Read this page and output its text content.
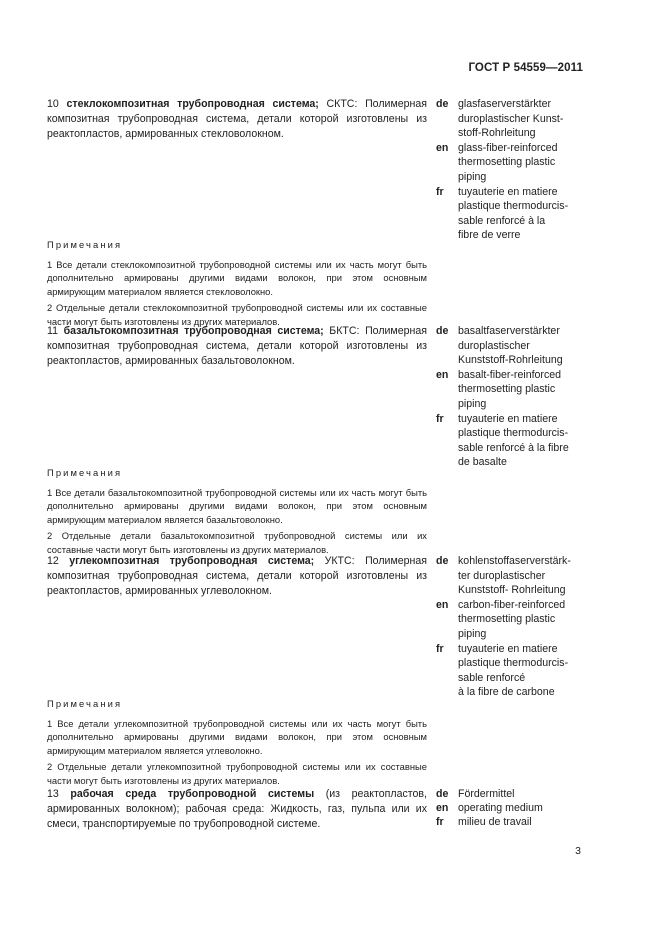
ГОСТ Р 54559—2011
10 стеклокомпозитная трубопроводная система; СКТС: Полимерная композитная трубопроводная система, детали которой изготовлены из реактопластов, армированных стекловолокном.
de glasfaserverstärkter
duroplastischer Kunst-
stoff-Rohrleitung
en glass-fiber-reinforced
thermosetting plastic
piping
fr tuyauterie en matiere
plastique thermodurcis-
sable renforcé à la
fibre de verre
Примечания
1 Все детали стеклокомпозитной трубопроводной системы или их часть могут быть дополнительно армированы другими видами волокон, при этом основным армирующим материалом является стекловолокно.
2 Отдельные детали стеклокомпозитной трубопроводной системы или их составные части могут быть изготовлены из других материалов.
11 базальтокомпозитная трубопроводная система; БКТС: Полимерная композитная трубопроводная система, детали которой изготовлены из реактопластов, армированных базальтоволокном.
de basaltfaserverstärkter
duroplastischer
Kunststoff-Rohrleitung
en basalt-fiber-reinforced
thermosetting plastic
piping
fr tuyauterie en matiere
plastique thermodurcis-
sable renforcé à la fibre
de basalte
Примечания
1 Все детали базальтокомпозитной трубопроводной системы или их часть могут быть дополнительно армированы другими видами волокон, при этом основным армирующим материалом является базальтоволокно.
2 Отдельные детали базальтокомпозитной трубопроводной системы или их составные части могут быть изготовлены из других материалов.
12 углекомпозитная трубопроводная система; УКТС: Полимерная композитная трубопроводная система, детали которой изготовлены из реактопластов, армированных углеволокном.
de kohlenstoffaserverstärk-
ter duroplastischer
Kunststoff- Rohrleitung
en carbon-fiber-reinforced
thermosetting plastic
piping
fr tuyauterie en matiere
plastique thermodurcis-
sable renforcé
à la fibre de carbone
Примечания
1 Все детали углекомпозитной трубопроводной системы или их часть могут быть дополнительно армированы другими видами волокон, при этом основным армирующим материалом является углеволокно.
2 Отдельные детали углекомпозитной трубопроводной системы или их составные части могут быть изготовлены из других материалов.
13 рабочая среда трубопроводной системы (из реактопластов, армированных волокном); рабочая среда: Жидкость, газ, пульпа или их смеси, транспортируемые по трубопроводной системе.
de Fördermittel
en operating medium
fr milieu de travail
3
